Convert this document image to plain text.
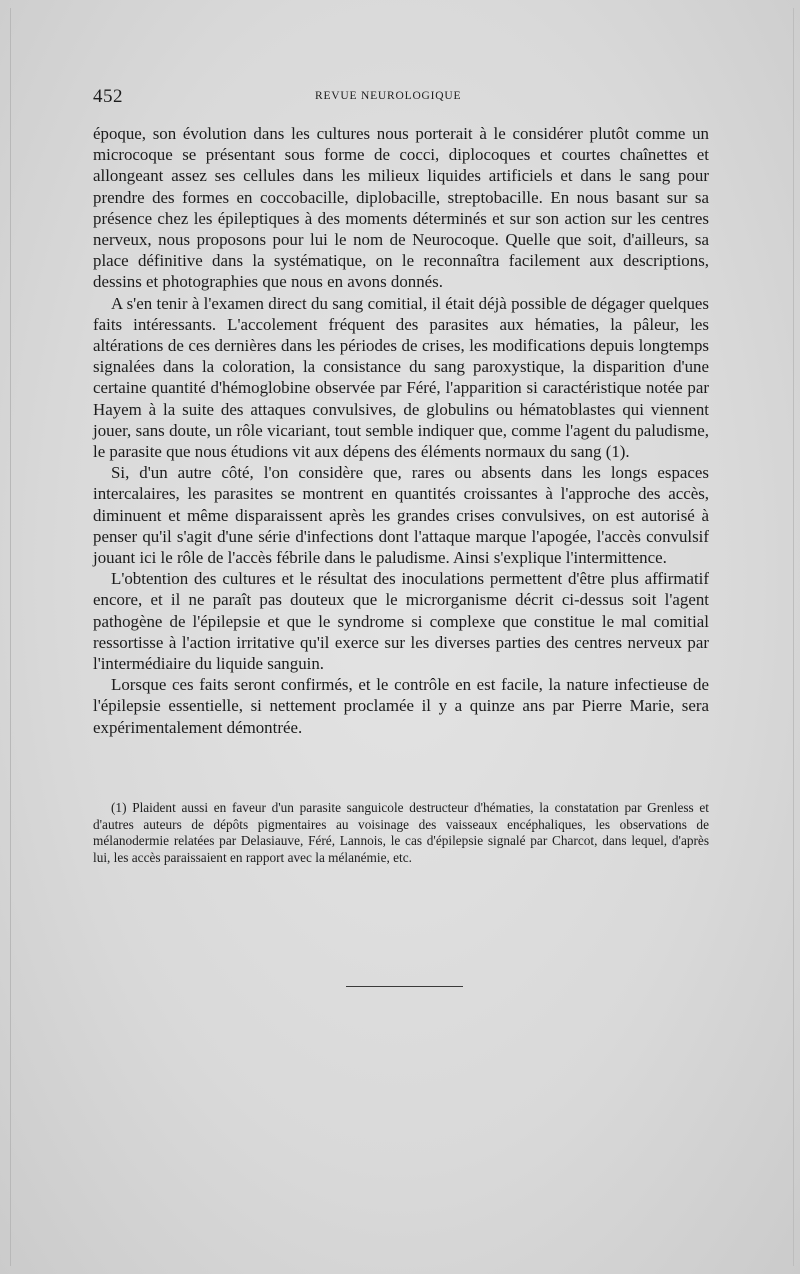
452	REVUE NEUROLOGIQUE

époque, son évolution dans les cultures nous porterait à le considérer plutôt comme un microcoque se présentant sous forme de cocci, diplocoques et courtes chaînettes et allongeant assez ses cellules dans les milieux liquides artificiels et dans le sang pour prendre des formes en coccobacille, diplobacille, streptobacille. En nous basant sur sa présence chez les épileptiques à des moments déterminés et sur son action sur les centres nerveux, nous proposons pour lui le nom de Neurocoque. Quelle que soit, d'ailleurs, sa place définitive dans la systématique, on le reconnaîtra facilement aux descriptions, dessins et photographies que nous en avons donnés.

A s'en tenir à l'examen direct du sang comitial, il était déjà possible de dégager quelques faits intéressants. L'accolement fréquent des parasites aux hématies, la pâleur, les altérations de ces dernières dans les périodes de crises, les modifications depuis longtemps signalées dans la coloration, la consistance du sang paroxystique, la disparition d'une certaine quantité d'hémoglobine observée par Féré, l'apparition si caractéristique notée par Hayem à la suite des attaques convulsives, de globulins ou hématoblastes qui viennent jouer, sans doute, un rôle vicariant, tout semble indiquer que, comme l'agent du paludisme, le parasite que nous étudions vit aux dépens des éléments normaux du sang (1).

Si, d'un autre côté, l'on considère que, rares ou absents dans les longs espaces intercalaires, les parasites se montrent en quantités croissantes à l'approche des accès, diminuent et même disparaissent après les grandes crises convulsives, on est autorisé à penser qu'il s'agit d'une série d'infections dont l'attaque marque l'apogée, l'accès convulsif jouant ici le rôle de l'accès fébrile dans le paludisme. Ainsi s'explique l'intermittence.

L'obtention des cultures et le résultat des inoculations permettent d'être plus affirmatif encore, et il ne paraît pas douteux que le microrganisme décrit ci-dessus soit l'agent pathogène de l'épilepsie et que le syndrome si complexe que constitue le mal comitial ressortisse à l'action irritative qu'il exerce sur les diverses parties des centres nerveux par l'intermédiaire du liquide sanguin.

Lorsque ces faits seront confirmés, et le contrôle en est facile, la nature infectieuse de l'épilepsie essentielle, si nettement proclamée il y a quinze ans par Pierre Marie, sera expérimentalement démontrée.

(1) Plaident aussi en faveur d'un parasite sanguicole destructeur d'hématies, la constatation par Grenless et d'autres auteurs de dépôts pigmentaires au voisinage des vaisseaux encéphaliques, les observations de mélanodermie relatées par Delasiauve, Féré, Lannois, le cas d'épilepsie signalé par Charcot, dans lequel, d'après lui, les accès paraissaient en rapport avec la mélanémie, etc.
